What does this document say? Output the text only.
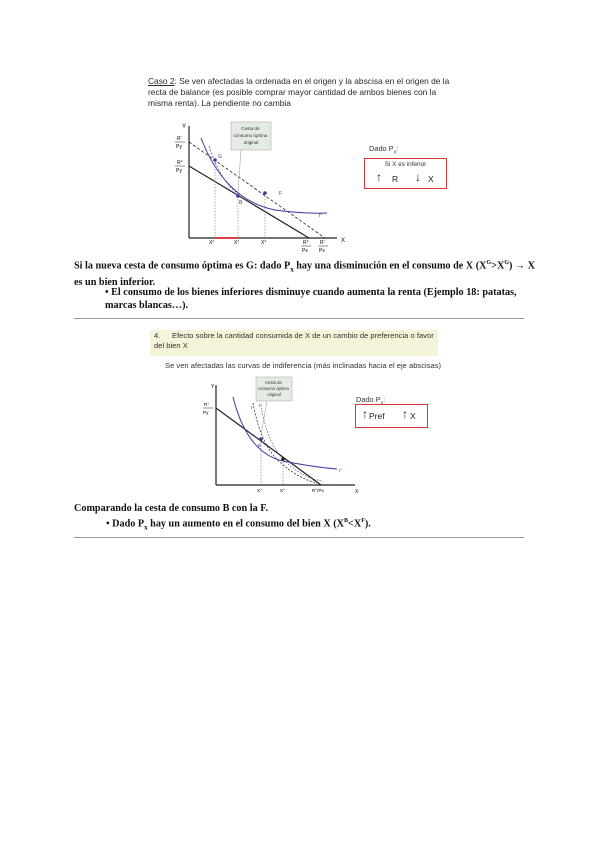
Caso 2: Se ven afectadas la ordenada en el origen y la abscisa en el origen de la recta de balance (es posible comprar mayor cantidad de ambos bienes con la misma renta). La pendiente no cambia
Y
X
R'
Py
R°
Py
G
B
F
I°
Cesta de consumo óptima original
X°	X°	X°	R°
Px
R'
Px
Dado $P_x$:
Si X es inferior
↑ R ↓ X
Si la nueva cesta de consumo óptima es G: dado $P_x$ hay una disminución en el consumo de X $(X^G>X^G) \to X$ es un bien inferior.
• El consumo de los bienes inferiores disminuye cuando aumenta la renta (Ejemplo 18: patatas, marcas blancas…).
4. Efecto sobre la cantidad consumida de X de un cambio de preferencia o favor del bien X
Se ven afectadas las curvas de indiferencia (más inclinadas hacia el eje abscisas)
Y
X
R°
Py
B
I' I°
I°
Cesta de consumo óptima original
X°	X°	R°/Px
Dado $P_x$:
↑ Pref ↑ X
Comparando la cesta de consumo B con la F.
• Dado $P_x$ hay un aumento en el consumo del bien X $(X^B<X^F)$.
